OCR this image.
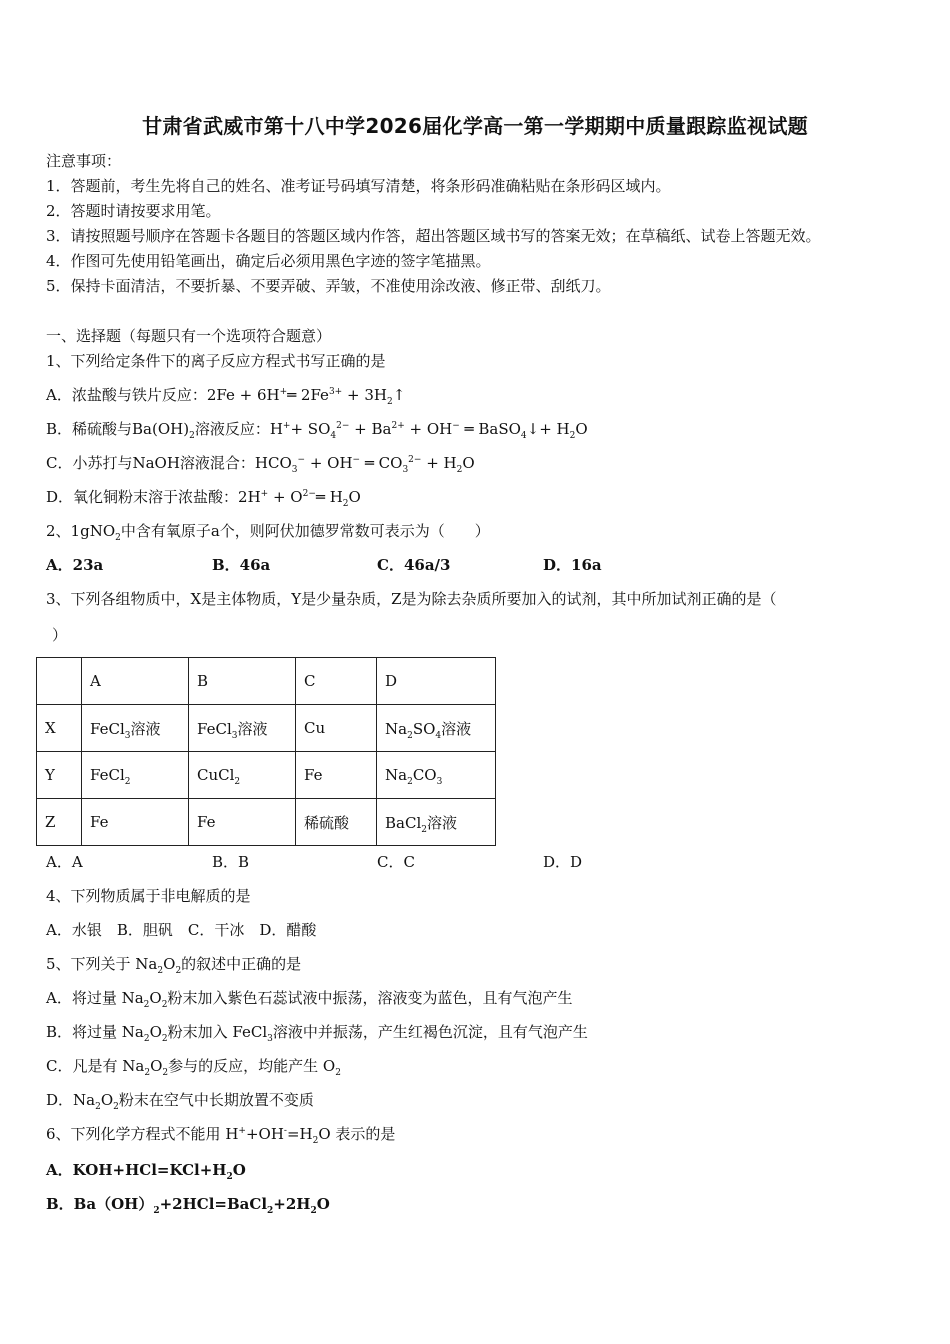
甘肃省武威市第十八中学2026届化学高一第一学期期中质量跟踪监视试题
注意事项：
1．答题前，考生先将自己的姓名、准考证号码填写清楚，将条形码准确粘贴在条形码区域内。
2．答题时请按要求用笔。
3．请按照题号顺序在答题卡各题目的答题区域内作答，超出答题区域书写的答案无效；在草稿纸、试卷上答题无效。
4．作图可先使用铅笔画出，确定后必须用黑色字迹的签字笔描黑。
5．保持卡面清洁，不要折暴、不要弄破、弄皱，不准使用涂改液、修正带、刮纸刀。
一、选择题（每题只有一个选项符合题意）
1、下列给定条件下的离子反应方程式书写正确的是
A．浓盐酸与铁片反应：2Fe + 6H+═ $2Fe^{3+}$ + $3H_2↑$
B．稀硫酸与$Ba(OH)_2$溶液反应：$H^++ SO_4^{2-} + Ba^{2+} + OH^-$ ═ BaSO$_4$↓+ $H_2O$
C．小苏打与NaOH溶液混合：$HCO_3^- + OH^-$ ═ $CO_3^{2-} + H_2O$
D．氧化铜粉末溶于浓盐酸：$2H^+ + O^{2-}═$ $H_2O$
2、1gNO$_2$中含有氧原子a个，则阿伏加德罗常数可表示为（　　）
A．23a	B．46a	C．46a/3	D．16a
3、下列各组物质中，X是主体物质，Y是少量杂质，Z是为除去杂质所要加入的试剂，其中所加试剂正确的是（
）
	A	B	C	D
X	FeCl$_3$溶液	FeCl$_3$溶液	Cu	$Na_2SO_4$溶液
Y	FeCl$_2$	CuCl$_2$	Fe	$Na_2CO_3$
Z	Fe	Fe	稀硫酸	BaCl$_2$溶液
A．A	B．B	C．C	D．D
4、下列物质属于非电解质的是
A．水银　B．胆矾　C．干冰　D．醋酸
5、下列关于 $Na_2O_2$的叙述中正确的是
A．将过量 $Na_2O_2$粉末加入紫色石蕊试液中振荡，溶液变为蓝色，且有气泡产生
B．将过量 $Na_2O_2$粉末加入 FeCl$_3$溶液中并振荡，产生红褐色沉淀，且有气泡产生
C．凡是有 $Na_2O_2$参与的反应，均能产生 $O_2$
D．$Na_2O_2$粉末在空气中长期放置不变质
6、下列化学方程式不能用 $H^++OH^-=H_2O$ 表示的是
A．$KOH+HCl=KCl+H_2O$
B．$Ba(OH)_2+2HCl=BaCl_2+2H_2O$
